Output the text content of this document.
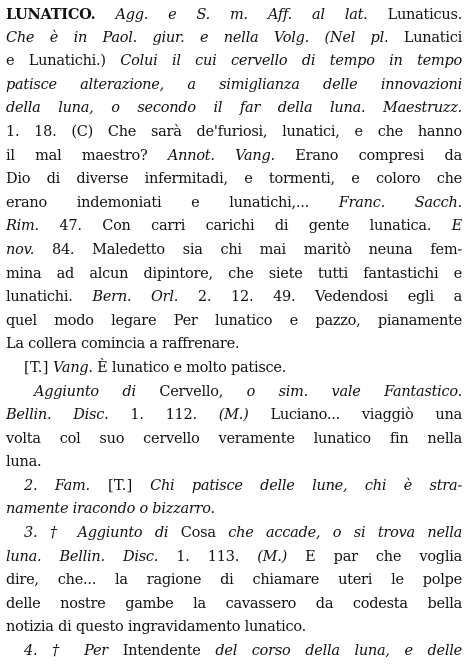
LUNATICO. Agg. e S. m. Aff. al lat. Lunaticus.
Che è in Paol. giur. e nella Volg. (Nel pl. Lunatici
e Lunatichi.) Colui il cui cervello di tempo in tempo
patisce alterazione, a simiglianza delle innovazioni
della luna, o secondo il far della luna. Maestruzz.
1. 18. (C) Che sarà de'furiosi, lunatici, e che hanno
il mal maestro? Annot. Vang. Erano compresi da
Dio di diverse infermitadi, e tormenti, e coloro che
erano indemoniati e lunatichi,... Franc. Sacch.
Rim. 47. Con carri carichi di gente lunatica. E
nov. 84. Maledetto sia chi mai maritò neuna fem-
mina ad alcun dipintore, che siete tutti fantastichi e
lunatichi. Bern. Orl. 2. 12. 49. Vedendosi egli a
quel modo legare Per lunatico e pazzo, pianamente
La collera comincia a raffrenare.
[T.] Vang. È lunatico e molto patisce.
Aggiunto di Cervello, o sim. vale Fantastico.
Bellin. Disc. 1. 112. (M.) Luciano... viaggiò una
volta col suo cervello veramente lunatico fin nella
luna.
2. Fam. [T.] Chi patisce delle lune, chi è stra-
namente iracondo o bizzarro.
3. † Aggiunto di Cosa che accade, o si trova nella
luna. Bellin. Disc. 1. 113. (M.) E par che voglia
dire, che... la ragione di chiamare uteri le polpe
delle nostre gambe la cavassero da codesta bella
notizia di questo ingravidamento lunatico.
4. † Per Intendente del corso della luna, e delle
